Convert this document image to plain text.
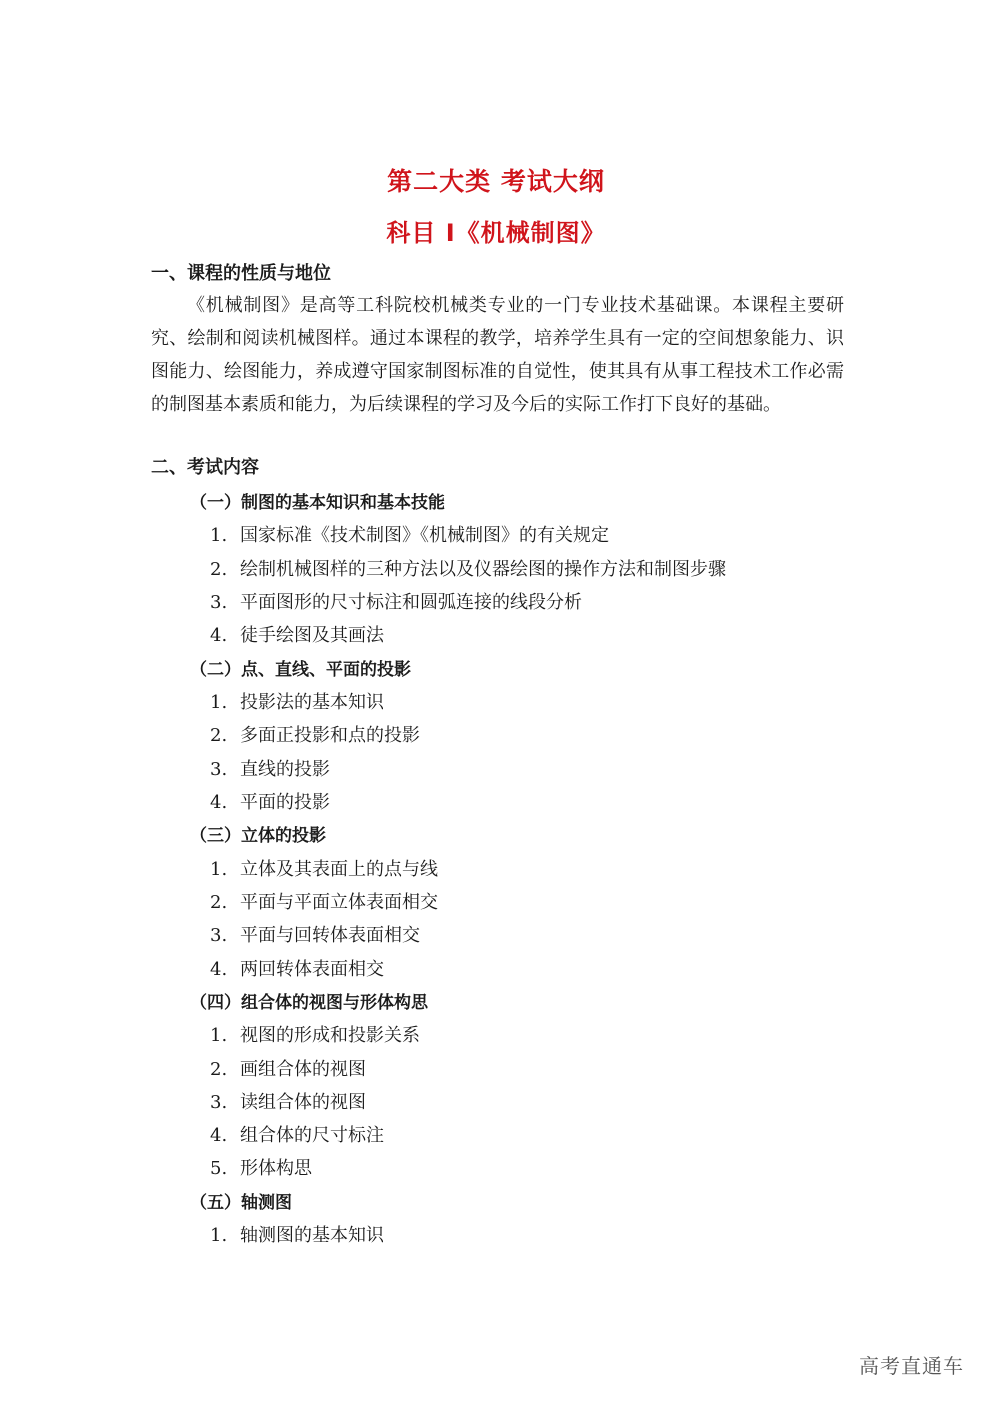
第二大类 考试大纲
科目 I《机械制图》
一、课程的性质与地位
《机械制图》是高等工科院校机械类专业的一门专业技术基础课。本课程主要研究、绘制和阅读机械图样。通过本课程的教学，培养学生具有一定的空间想象能力、识图能力、绘图能力，养成遵守国家制图标准的自觉性，使其具有从事工程技术工作必需的制图基本素质和能力，为后续课程的学习及今后的实际工作打下良好的基础。
二、考试内容
（一）制图的基本知识和基本技能
1. 国家标准《技术制图》《机械制图》的有关规定
2. 绘制机械图样的三种方法以及仪器绘图的操作方法和制图步骤
3. 平面图形的尺寸标注和圆弧连接的线段分析
4. 徒手绘图及其画法
（二）点、直线、平面的投影
1. 投影法的基本知识
2. 多面正投影和点的投影
3. 直线的投影
4. 平面的投影
（三）立体的投影
1. 立体及其表面上的点与线
2. 平面与平面立体表面相交
3. 平面与回转体表面相交
4. 两回转体表面相交
（四）组合体的视图与形体构思
1. 视图的形成和投影关系
2. 画组合体的视图
3. 读组合体的视图
4. 组合体的尺寸标注
5. 形体构思
（五）轴测图
1. 轴测图的基本知识
高考直通车
